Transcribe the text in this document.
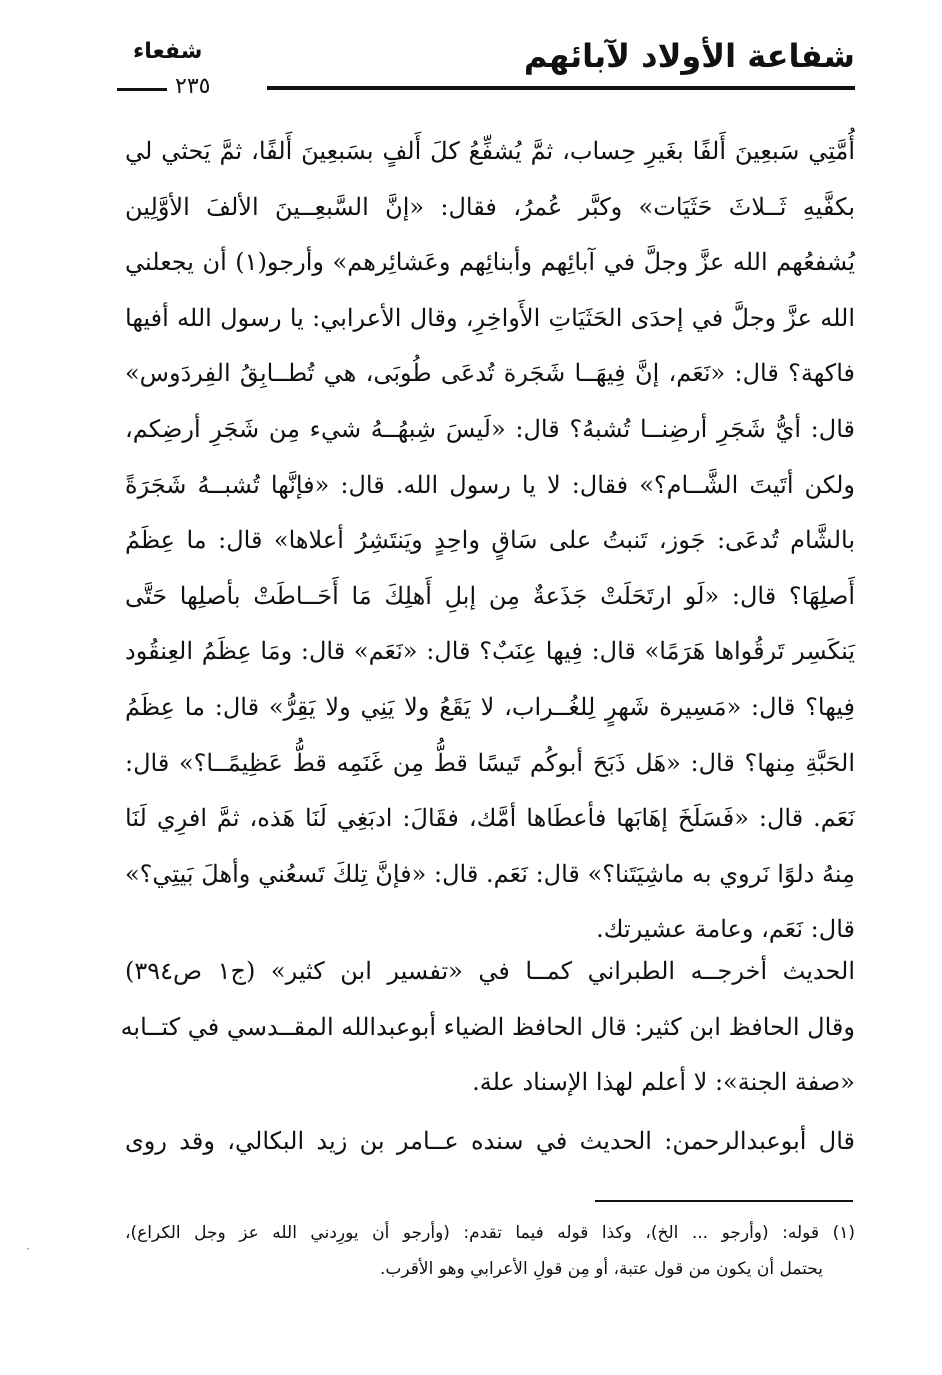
شفاعة الأولاد لآبائهم
شفعاء
٢٣٥
أُمَّتِي سَبعِينَ أَلفًا بغَيرِ حِساب، ثمَّ يُشفِّعُ كلَ أَلفٍ بسَبعِينَ أَلفًا، ثمَّ يَحثي لي
بكفَّيهِ ثَــلاثَ حَثَيَات» وكبَّر عُمرُ، فقال: «إنَّ السَّبعِــينَ الألفَ الأوَّلِين
يُشفعُهم الله عزَّ وجلَّ في آبائِهم وأبنائِهم وعَشائِرهم» وأرجو(١) أن يجعلني
الله عزَّ وجلَّ في إحدَى الحَثَيَاتِ الأَواخِرِ، وقال الأعرابي: يا رسول الله أفيها
فاكهة؟ قال: «نَعَم، إنَّ فِيهَــا شَجَرة تُدعَى طُوبَى، هي تُطــابِقُ الفِردَوس»
قال: أيُّ شَجَرِ أرضِنــا تُشبهُ؟ قال: «لَيسَ شِبهُــهُ شيء مِن شَجَرِ أرضِكم،
ولكن أتَيتَ الشَّــام؟» فقال: لا يا رسول الله. قال: «فإنَّها تُشبــهُ شَجَرَةً
بالشَّام تُدعَى: جَوز، تَنبتُ على سَاقٍ واحِدٍ ويَنتَشِرُ أعلاها» قال: ما عِظَمُ
أَصلِهَا؟ قال: «لَو ارتَحَلَتْ جَذَعةٌ مِن إبلِ أَهلِكَ مَا أَحَــاطَتْ بأصلِها حَتَّى
يَنكَسِر تَرقُواها هَرَمًا» قال: فِيها عِنَبٌ؟ قال: «نَعَم» قال: ومَا عِظَمُ العِنقُود
فِيها؟ قال: «مَسِيرة شَهرٍ لِلغُــراب، لا يَقَعُ ولا يَنِي ولا يَقِرُّ» قال: ما عِظَمُ
الحَبَّةِ مِنها؟ قال: «هَل ذَبَحَ أبوكُم تَيسًا قطُّ مِن غَنَمِه قطُّ عَظِيمًــا؟» قال:
نَعَم. قال: «فَسَلَخَ إهَابَها فأعطَاها أمَّك، فقَالَ: ادبَغِي لَنَا هَذه، ثمَّ افرِي لَنَا
مِنهُ دلوًا نَروي به ماشِيَتَنا؟» قال: نَعَم. قال: «فإنَّ تِلكَ تَسعُني وأهلَ بَيتِي؟»
قال: نَعَم، وعامة عشيرتك.
الحديث أخرجــه الطبراني كمــا في «تفسير ابن كثير» (ج١ ص٣٩٤)
وقال الحافظ ابن كثير: قال الحافظ الضياء أبوعبدالله المقــدسي في كتــابه
«صفة الجنة»: لا أعلم لهذا الإسناد علة.
قال أبوعبدالرحمن: الحديث في سنده عــامر بن زيد البكالي، وقد روى
(١) قوله: (وأرجو ... الخ)، وكذا قوله فيما تقدم: (وأرجو أن يورِدني الله عز وجل الكراع)،
يحتمل أن يكون من قول عتبة، أو مِن قولِ الأعرابي وهو الأقرب.
·
